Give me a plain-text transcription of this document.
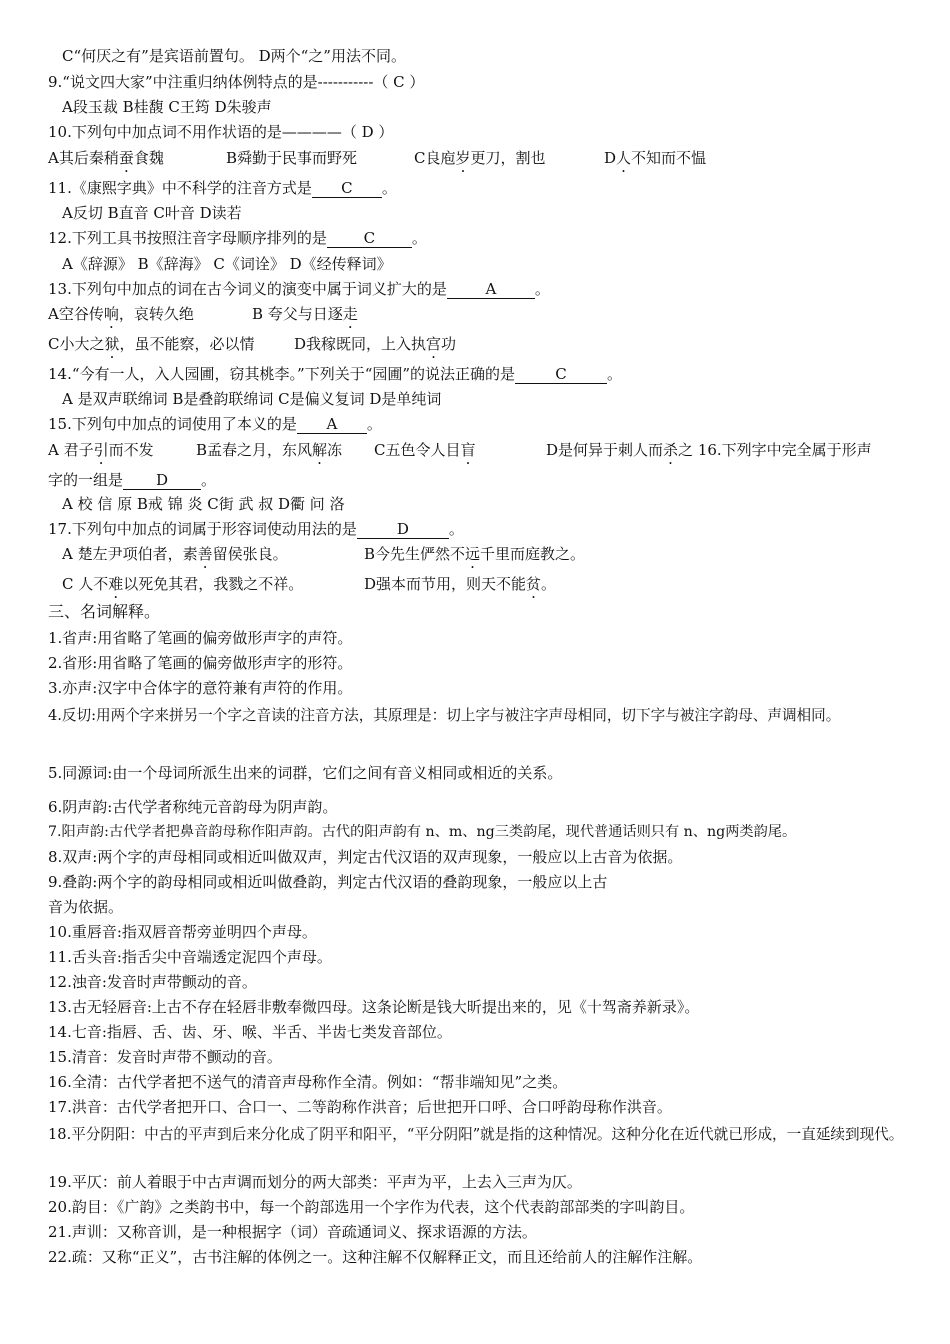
C“何厌之有”是宾语前置句。 D两个“之”用法不同。
9.“说文四大家”中注重归纳体例特点的是-----------（ C ）
A段玉裁 B桂馥 C王筠 D朱骏声
10.下列句中加点词不用作状语的是————（ D ）
A其后秦稍蚕食魏	B舜勤于民事而野死	C良庖岁更刀，割也	D人不知而不愠
11.《康熙字典》中不科学的注音方式是 C 。
A反切 B直音 C叶音 D读若
12.下列工具书按照注音字母顺序排列的是 C 。
A《辞源》 B《辞海》 C《词诠》 D《经传释词》
13.下列句中加点的词在古今词义的演变中属于词义扩大的是	A	。
A空谷传响，哀转久绝	B 夸父与日逐走
C小大之狱，虽不能察，必以情	D我稼既同，上入执宫功
14.“今有一人，入人园圃，窃其桃李。”下列关于“园圃”的说法正确的是	C	。
A 是双声联绵词 B是叠韵联绵词 C是偏义复词 D是单纯词
15.下列句中加点的词使用了本义的是 A 。
A 君子引而不发	B孟春之月，东风解冻 C五色令人目盲	D是何异于刺人而杀之 16.下列字中完全属于形声
字的一组是 D 。
A 校 信 原 B戒 锦 炎 C街 武 叔 D衢 问 洛
17.下列句中加点的词属于形容词使动用法的是	D	。
A 楚左尹项伯者，素善留侯张良。	B今先生俨然不远千里而庭教之。
C 人不难以死免其君，我戮之不祥。	D强本而节用，则天不能贫。
三、名词解释。
1.省声:用省略了笔画的偏旁做形声字的声符。
2.省形:用省略了笔画的偏旁做形声字的形符。
3.亦声:汉字中合体字的意符兼有声符的作用。
4.反切:用两个字来拼另一个字之音读的注音方法，其原理是：切上字与被注字声母相同，切下字与被注字韵母、声调相同。
5.同源词:由一个母词所派生出来的词群，它们之间有音义相同或相近的关系。
6.阴声韵:古代学者称纯元音韵母为阴声韵。
7.阳声韵:古代学者把鼻音韵母称作阳声韵。古代的阳声韵有 n、m、ng三类韵尾，现代普通话则只有 n、ng两类韵尾。
8.双声:两个字的声母相同或相近叫做双声，判定古代汉语的双声现象，一般应以上古音为依据。
9.叠韵:两个字的韵母相同或相近叫做叠韵，判定古代汉语的叠韵现象，一般应以上古
音为依据。
10.重唇音:指双唇音帮旁並明四个声母。
11.舌头音:指舌尖中音端透定泥四个声母。
12.浊音:发音时声带颤动的音。
13.古无轻唇音:上古不存在轻唇非敷奉微四母。这条论断是钱大昕提出来的，见《十驾斋养新录》。
14.七音:指唇、舌、齿、牙、喉、半舌、半齿七类发音部位。
15.清音：发音时声带不颤动的音。
16.全清：古代学者把不送气的清音声母称作全清。例如：“帮非端知见”之类。
17.洪音：古代学者把开口、合口一、二等韵称作洪音；后世把开口呼、合口呼韵母称作洪音。
18.平分阴阳：中古的平声到后来分化成了阴平和阳平，“平分阴阳”就是指的这种情况。这种分化在近代就已形成，一直延续到现代。
19.平仄：前人着眼于中古声调而划分的两大部类：平声为平，上去入三声为仄。
20.韵目：《广韵》之类韵书中，每一个韵部选用一个字作为代表，这个代表韵部部类的字叫韵目。
21.声训：又称音训，是一种根据字（词）音疏通词义、探求语源的方法。
22.疏：又称“正义”，古书注解的体例之一。这种注解不仅解释正文，而且还给前人的注解作注解。
